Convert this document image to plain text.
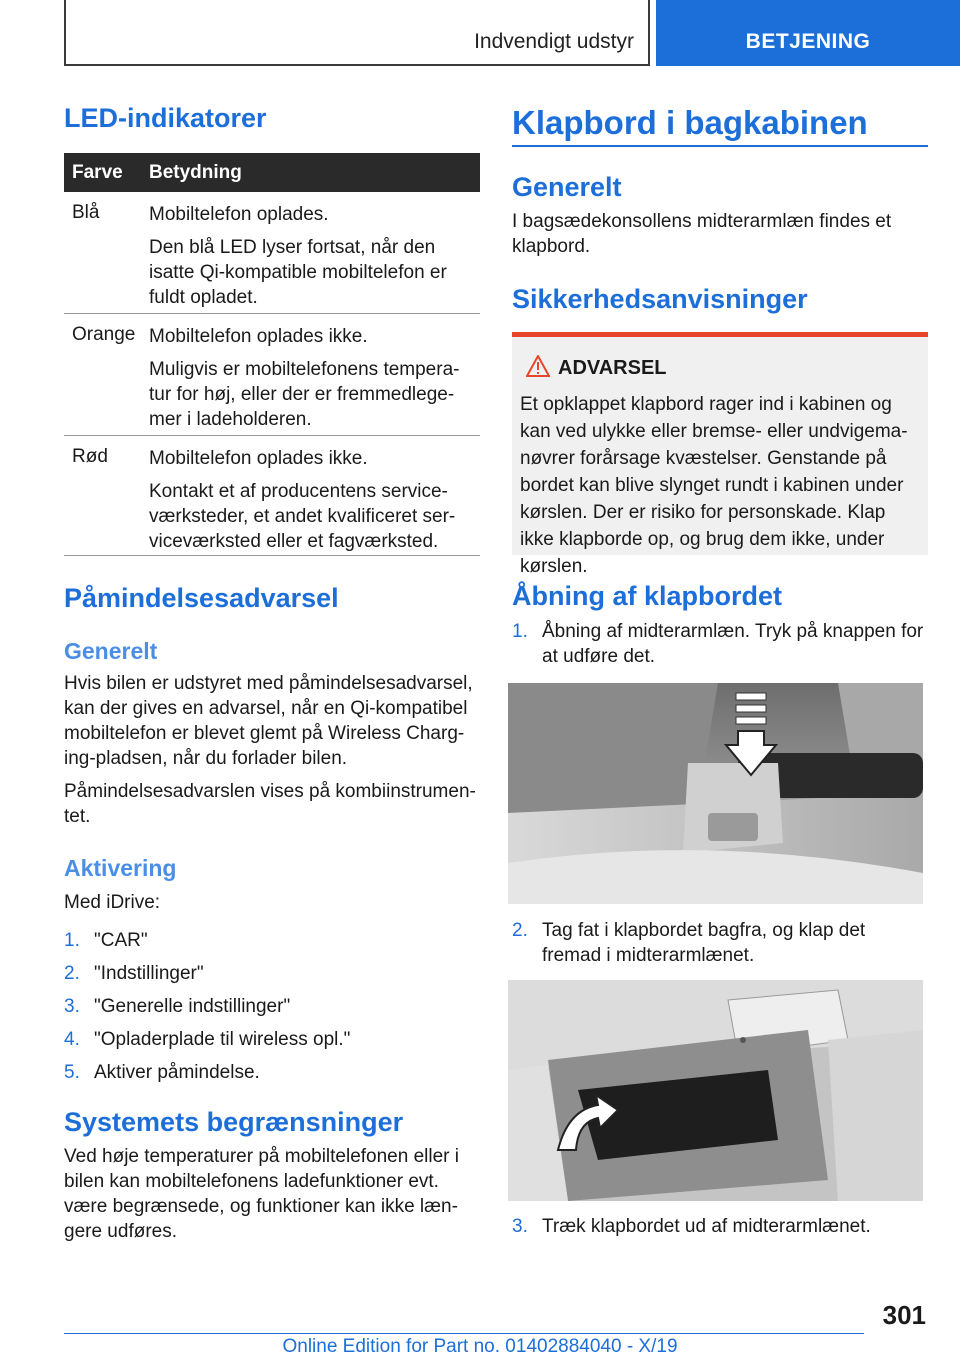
Indvendigt udstyr	BETJENING
LED-indikatorer
Farve Betydning
Blå	Mobiltelefon oplades.
Den blå LED lyser fortsat, når den isatte Qi-kompatible mobiltelefon er fuldt opladet.
Orange Mobiltelefon oplades ikke.
Muligvis er mobiltelefonens tempera-tur for høj, eller der er fremmedlege-mer i ladeholderen.
Rød Mobiltelefon oplades ikke.
Kontakt et af producentens service-værksteder, et andet kvalificeret ser-viceværksted eller et fagværksted.
Påmindelsesadvarsel
Generelt
Hvis bilen er udstyret med påmindelsesadvarsel, kan der gives en advarsel, når en Qi-kompatibel mobiltelefon er blevet glemt på Wireless Charg-ing-pladsen, når du forlader bilen.
Påmindelsesadvarslen vises på kombiinstrumen-tet.
Aktivering
Med iDrive:
1. "CAR"
2. "Indstillinger"
3. "Generelle indstillinger"
4. "Opladerplade til wireless opl."
5. Aktiver påmindelse.
Systemets begrænsninger
Ved høje temperaturer på mobiltelefonen eller i bilen kan mobiltelefonens ladefunktioner evt. være begrænsede, og funktioner kan ikke læn-gere udføres.
Klapbord i bagkabinen
Generelt
I bagsædekonsollens midterarmlæn findes et klapbord.
Sikkerhedsanvisninger
ADVARSEL
Et opklappet klapbord rager ind i kabinen og kan ved ulykke eller bremse- eller undvigema-nøvrer forårsage kvæstelser. Genstande på bordet kan blive slynget rundt i kabinen under kørslen. Der er risiko for personskade. Klap ikke klapborde op, og brug dem ikke, under kørslen.
Åbning af klapbordet
1. Åbning af midterarmlæn. Tryk på knappen for at udføre det.
2. Tag fat i klapbordet bagfra, og klap det fremad i midterarmlænet.
3. Træk klapbordet ud af midterarmlænet.
301
Online Edition for Part no. 01402884040 - X/19
